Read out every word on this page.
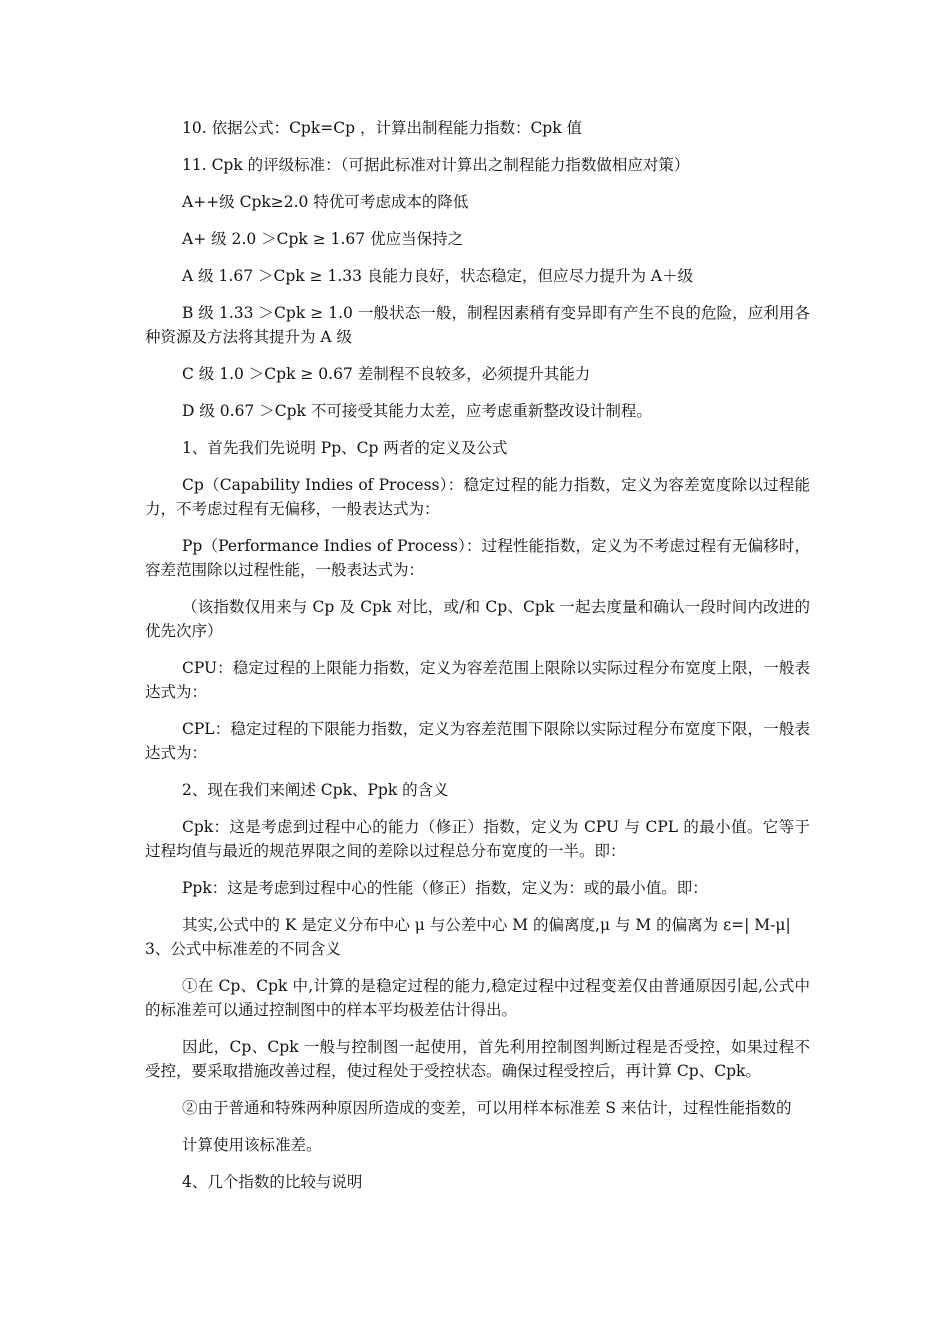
10. 依据公式：Cpk=Cp ，计算出制程能力指数：Cpk 值

11. Cpk 的评级标准：（可据此标准对计算出之制程能力指数做相应对策）

A++级 Cpk≥2.0 特优可考虑成本的降低

A+ 级 2.0 ＞Cpk ≥ 1.67 优应当保持之

A 级 1.67 ＞Cpk ≥ 1.33 良能力良好，状态稳定，但应尽力提升为 A＋级

B 级 1.33 ＞Cpk ≥ 1.0 一般状态一般，制程因素稍有变异即有产生不良的危险，应利用各种资源及方法将其提升为 A 级

C 级 1.0 ＞Cpk ≥ 0.67 差制程不良较多，必须提升其能力

D 级 0.67 ＞Cpk 不可接受其能力太差，应考虑重新整改设计制程。

1、首先我们先说明 Pp、Cp 两者的定义及公式

Cp（Capability Indies of Process）：稳定过程的能力指数，定义为容差宽度除以过程能力，不考虑过程有无偏移，一般表达式为：

Pp（Performance Indies of Process）：过程性能指数，定义为不考虑过程有无偏移时，容差范围除以过程性能，一般表达式为：

（该指数仅用来与 Cp 及 Cpk 对比，或/和 Cp、Cpk 一起去度量和确认一段时间内改进的优先次序）

CPU：稳定过程的上限能力指数，定义为容差范围上限除以实际过程分布宽度上限，一般表达式为：

CPL：稳定过程的下限能力指数，定义为容差范围下限除以实际过程分布宽度下限，一般表达式为：

2、现在我们来阐述 Cpk、Ppk 的含义

Cpk：这是考虑到过程中心的能力（修正）指数，定义为 CPU 与 CPL 的最小值。它等于过程均值与最近的规范界限之间的差除以过程总分布宽度的一半。即：

Ppk：这是考虑到过程中心的性能（修正）指数，定义为：或的最小值。即：

其实,公式中的 K 是定义分布中心 μ 与公差中心 M 的偏离度,μ 与 M 的偏离为 ε=| M-μ|

3、公式中标准差的不同含义

①在 Cp、Cpk 中,计算的是稳定过程的能力,稳定过程中过程变差仅由普通原因引起,公式中的标准差可以通过控制图中的样本平均极差估计得出。

因此，Cp、Cpk 一般与控制图一起使用，首先利用控制图判断过程是否受控，如果过程不受控，要采取措施改善过程，使过程处于受控状态。确保过程受控后，再计算 Cp、Cpk。

②由于普通和特殊两种原因所造成的变差，可以用样本标准差 S 来估计，过程性能指数的

计算使用该标准差。

4、几个指数的比较与说明
